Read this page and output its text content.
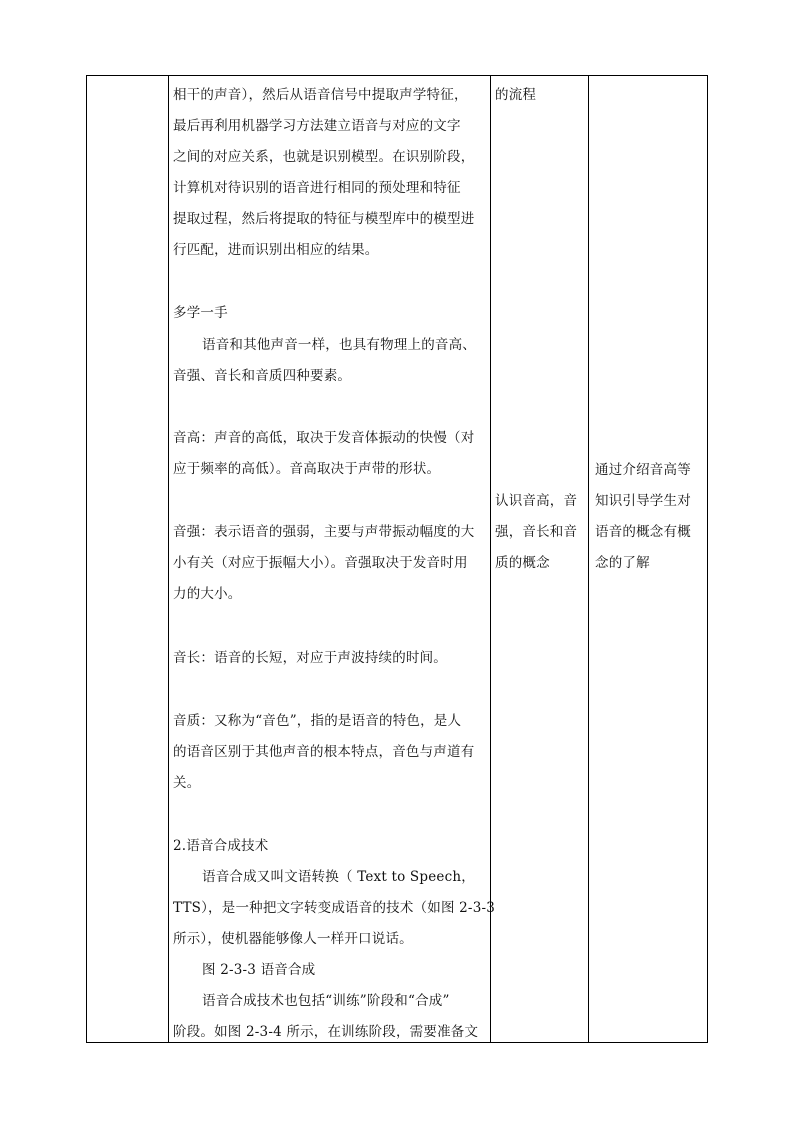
相干的声音），然后从语音信号中提取声学特征，
最后再利用机器学习方法建立语音与对应的文字
之间的对应关系，也就是识别模型。在识别阶段，
计算机对待识别的语音进行相同的预处理和特征
提取过程，然后将提取的特征与模型库中的模型进
行匹配，进而识别出相应的结果。
多学一手
语音和其他声音一样，也具有物理上的音高、
音强、音长和音质四种要素。
音高：声音的高低，取决于发音体振动的快慢（对
应于频率的高低）。音高取决于声带的形状。
音强：表示语音的强弱，主要与声带振动幅度的大
小有关（对应于振幅大小）。音强取决于发音时用
力的大小。
音长：语音的长短，对应于声波持续的时间。
音质：又称为“音色”，指的是语音的特色，是人
的语音区别于其他声音的根本特点，音色与声道有
关。
2.语音合成技术
语音合成又叫文语转换（ Text to Speech，
TTS），是一种把文字转变成语音的技术（如图 2-3-3
所示），使机器能够像人一样开口说话。
图 2-3-3 语音合成
语音合成技术也包括“训练”阶段和“合成”
阶段。如图 2-3-4 所示，在训练阶段，需要准备文
的流程
认识音高，音
强，音长和音
质的概念
通过介绍音高等
知识引导学生对
语音的概念有概
念的了解
